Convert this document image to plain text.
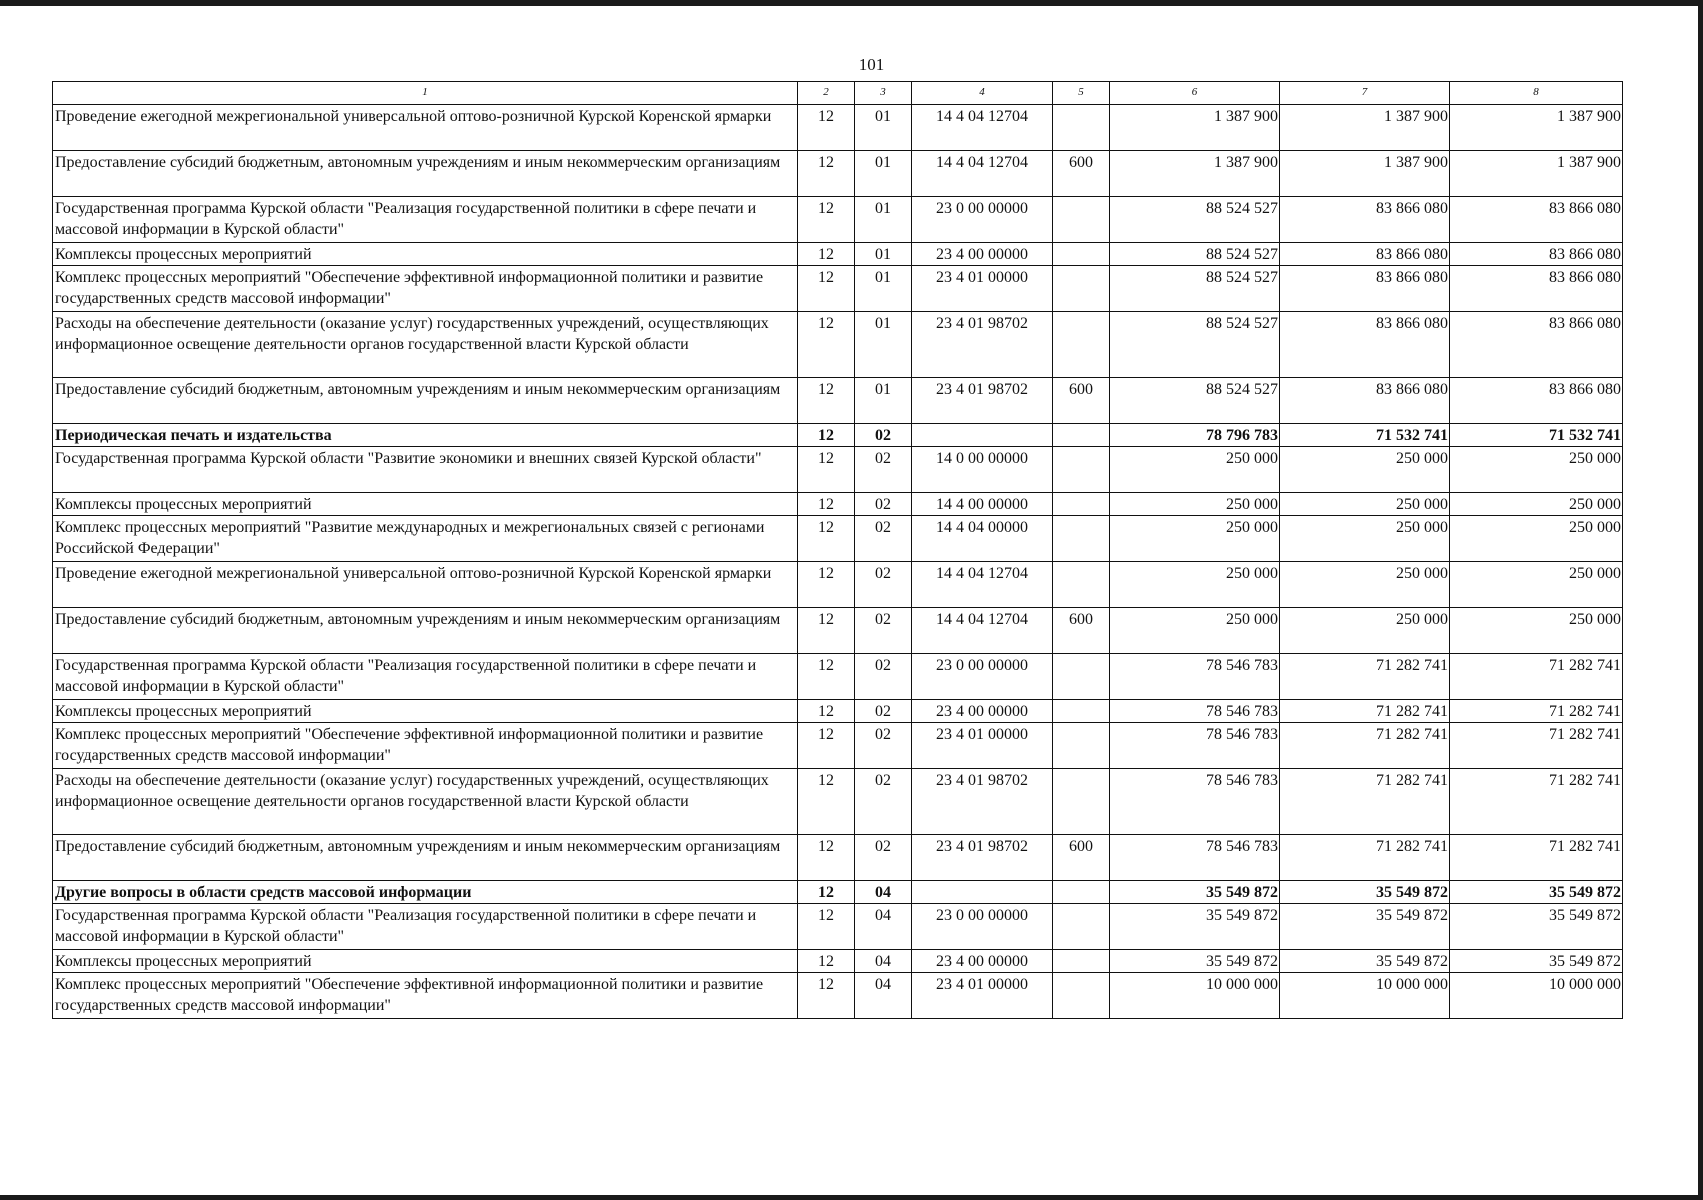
101
1	2	3	4	5	6	7	8
Проведение ежегодной межрегиональной универсальной оптово-розничной Курской Коренской ярмарки	12	01	14 4 04 12704		1 387 900	1 387 900	1 387 900
Предоставление субсидий бюджетным, автономным учреждениям и иным некоммерческим организациям	12	01	14 4 04 12704	600	1 387 900	1 387 900	1 387 900
Государственная программа Курской области "Реализация государственной политики в сфере печати и массовой информации в Курской области"	12	01	23 0 00 00000		88 524 527	83 866 080	83 866 080
Комплексы процессных мероприятий	12	01	23 4 00 00000		88 524 527	83 866 080	83 866 080
Комплекс процессных мероприятий "Обеспечение эффективной информационной политики и развитие государственных средств массовой информации"	12	01	23 4 01 00000		88 524 527	83 866 080	83 866 080
Расходы на обеспечение деятельности (оказание услуг) государственных учреждений, осуществляющих информационное освещение деятельности органов государственной власти Курской области	12	01	23 4 01 98702		88 524 527	83 866 080	83 866 080
Предоставление субсидий бюджетным, автономным учреждениям и иным некоммерческим организациям	12	01	23 4 01 98702	600	88 524 527	83 866 080	83 866 080
Периодическая печать и издательства	12	02			78 796 783	71 532 741	71 532 741
Государственная программа Курской области "Развитие экономики и внешних связей Курской области"	12	02	14 0 00 00000		250 000	250 000	250 000
Комплексы процессных мероприятий	12	02	14 4 00 00000		250 000	250 000	250 000
Комплекс процессных мероприятий "Развитие международных и межрегиональных связей с регионами Российской Федерации"	12	02	14 4 04 00000		250 000	250 000	250 000
Проведение ежегодной межрегиональной универсальной оптово-розничной Курской Коренской ярмарки	12	02	14 4 04 12704		250 000	250 000	250 000
Предоставление субсидий бюджетным, автономным учреждениям и иным некоммерческим организациям	12	02	14 4 04 12704	600	250 000	250 000	250 000
Государственная программа Курской области "Реализация государственной политики в сфере печати и массовой информации в Курской области"	12	02	23 0 00 00000		78 546 783	71 282 741	71 282 741
Комплексы процессных мероприятий	12	02	23 4 00 00000		78 546 783	71 282 741	71 282 741
Комплекс процессных мероприятий "Обеспечение эффективной информационной политики и развитие государственных средств массовой информации"	12	02	23 4 01 00000		78 546 783	71 282 741	71 282 741
Расходы на обеспечение деятельности (оказание услуг) государственных учреждений, осуществляющих информационное освещение деятельности органов государственной власти Курской области	12	02	23 4 01 98702		78 546 783	71 282 741	71 282 741
Предоставление субсидий бюджетным, автономным учреждениям и иным некоммерческим организациям	12	02	23 4 01 98702	600	78 546 783	71 282 741	71 282 741
Другие вопросы в области средств массовой информации	12	04			35 549 872	35 549 872	35 549 872
Государственная программа Курской области "Реализация государственной политики в сфере печати и массовой информации в Курской области"	12	04	23 0 00 00000		35 549 872	35 549 872	35 549 872
Комплексы процессных мероприятий	12	04	23 4 00 00000		35 549 872	35 549 872	35 549 872
Комплекс процессных мероприятий "Обеспечение эффективной информационной политики и развитие государственных средств массовой информации"	12	04	23 4 01 00000		10 000 000	10 000 000	10 000 000
